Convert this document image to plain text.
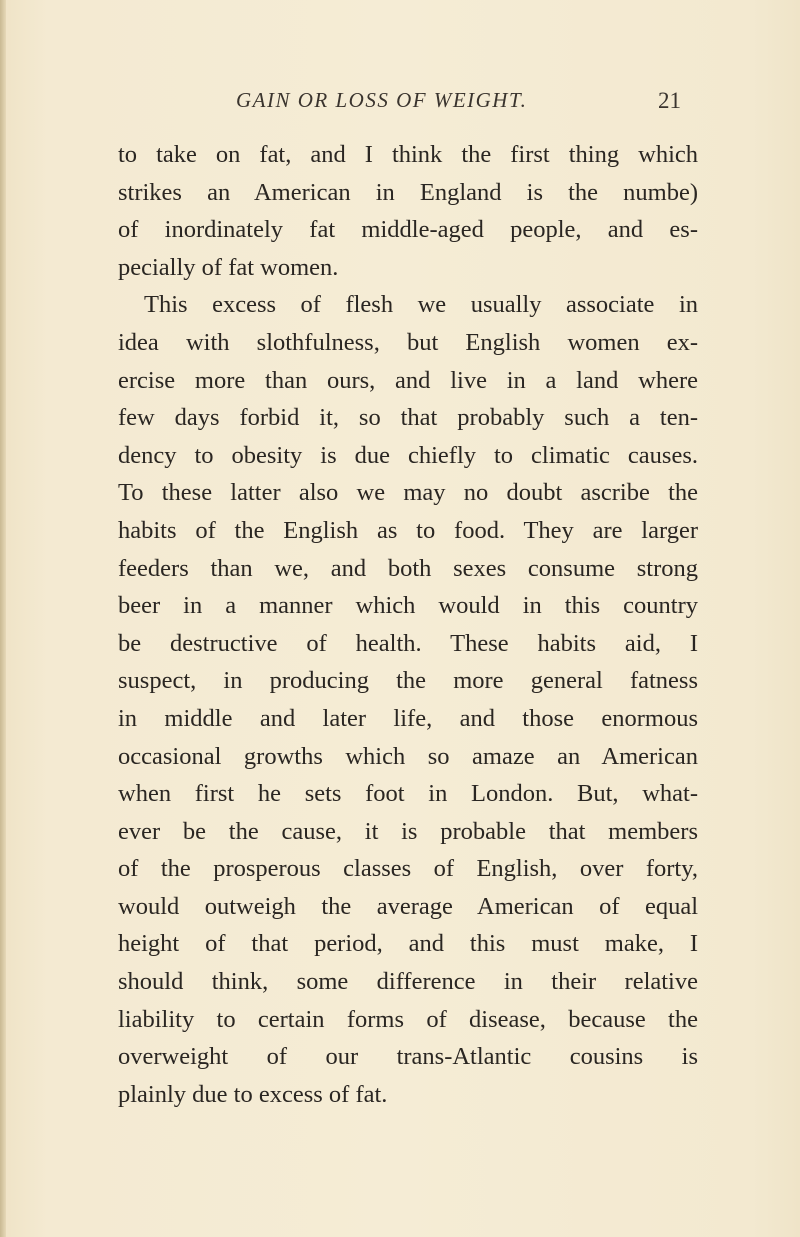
GAIN OR LOSS OF WEIGHT.	21
to take on fat, and I think the first thing which
strikes an American in England is the numbe)
of inordinately fat middle-aged people, and es-
pecially of fat women.
This excess of flesh we usually associate in
idea with slothfulness, but English women ex-
ercise more than ours, and live in a land where
few days forbid it, so that probably such a ten-
dency to obesity is due chiefly to climatic causes.
To these latter also we may no doubt ascribe the
habits of the English as to food. They are larger
feeders than we, and both sexes consume strong
beer in a manner which would in this country
be destructive of health. These habits aid, I
suspect, in producing the more general fatness
in middle and later life, and those enormous
occasional growths which so amaze an American
when first he sets foot in London. But, what-
ever be the cause, it is probable that members
of the prosperous classes of English, over forty,
would outweigh the average American of equal
height of that period, and this must make, I
should think, some difference in their relative
liability to certain forms of disease, because the
overweight of our trans-Atlantic cousins is
plainly due to excess of fat.
